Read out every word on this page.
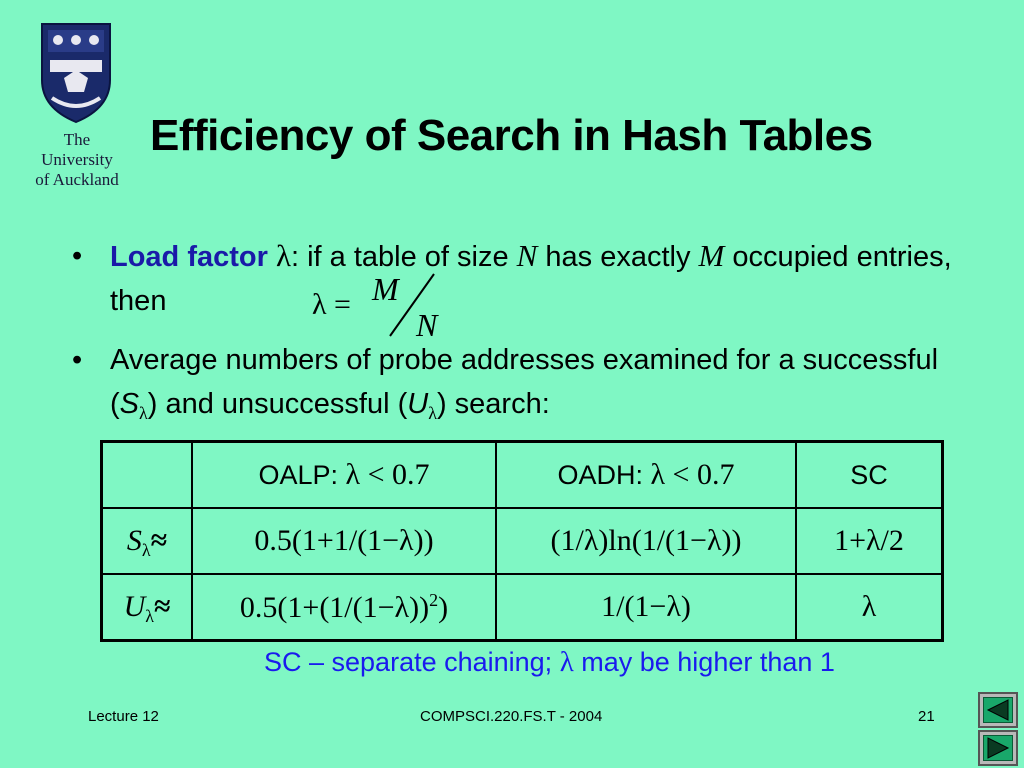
The
University
of Auckland
Efficiency of Search in Hash Tables
• Load factor λ: if a table of size N has exactly M occupied entries, then	λ = M
N
• Average numbers of probe addresses examined for a successful $(S_\lambda)$ and unsuccessful $(U_\lambda)$ search:
	OALP: λ < 0.7	OADH: λ < 0.7	SC
$S_\lambda\approx$	0.5(1+1/(1−λ))	(1/λ)ln(1/(1−λ))	1+λ/2
$U_\lambda\approx$	$0.5(1+(1/(1-\lambda))^2)$	1/(1−λ)	λ
SC – separate chaining; λ may be higher than 1
Lecture 12	COMPSCI.220.FS.T - 2004	21
